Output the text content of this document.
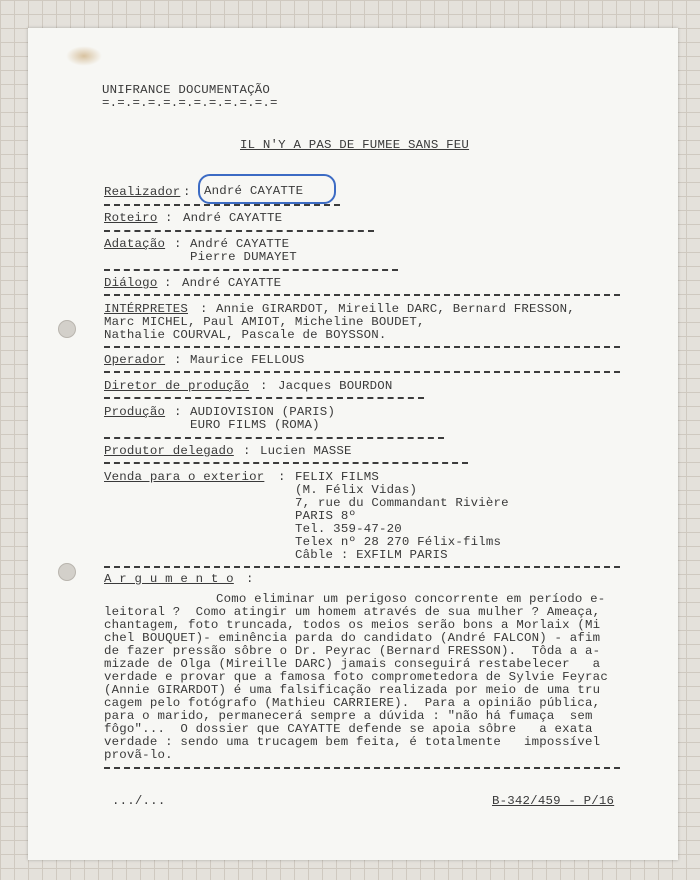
UNIFRANCE DOCUMENTAÇÃO
=.=.=.=.=.=.=.=.=.=.=.=
IL N'Y A PAS DE FUMEE SANS FEU
Realizador : André CAYATTE
Roteiro : André CAYATTE
Adatação : André CAYATTE
Pierre DUMAYET
Diálogo : André CAYATTE
INTÉRPRETES : Annie GIRARDOT, Mireille DARC, Bernard FRESSON,
Marc MICHEL, Paul AMIOT, Micheline BOUDET,
Nathalie COURVAL, Pascale de BOYSSON.
Operador : Maurice FELLOUS
Diretor de produção : Jacques BOURDON
Produção : AUDIOVISION (PARIS)
EURO FILMS (ROMA)
Produtor delegado : Lucien MASSE
Venda para o exterior : FELIX FILMS
(M. Félix Vidas)
7, rue du Commandant Rivière
PARIS 8º
Tel. 359-47-20
Telex nº 28 270 Félix-films
Câble : EXFILM PARIS
A r g u m e n t o :
Como eliminar um perigoso concorrente em período e-
leitoral ?  Como atingir um homem através de sua mulher ? Ameaça,
chantagem, foto truncada, todos os meios serão bons a Morlaix (Mi
chel BOUQUET)- eminência parda do candidato (André FALCON) - afim
de fazer pressão sôbre o Dr. Peyrac (Bernard FRESSON).  Tôda a a-
mizade de Olga (Mireille DARC) jamais conseguirá restabelecer   a
verdade e provar que a famosa foto comprometedora de Sylvie Feyrac
(Annie GIRARDOT) é uma falsificação realizada por meio de uma tru
cagem pelo fotógrafo (Mathieu CARRIERE).  Para a opinião pública,
para o marido, permanecerá sempre a dúvida : "não há fumaça  sem
fôgo"...  O dossier que CAYATTE defende se apoia sôbre   a exata
verdade : sendo uma trucagem bem feita, é totalmente   impossível
provã-lo.
.../...	B-342/459 - P/16
